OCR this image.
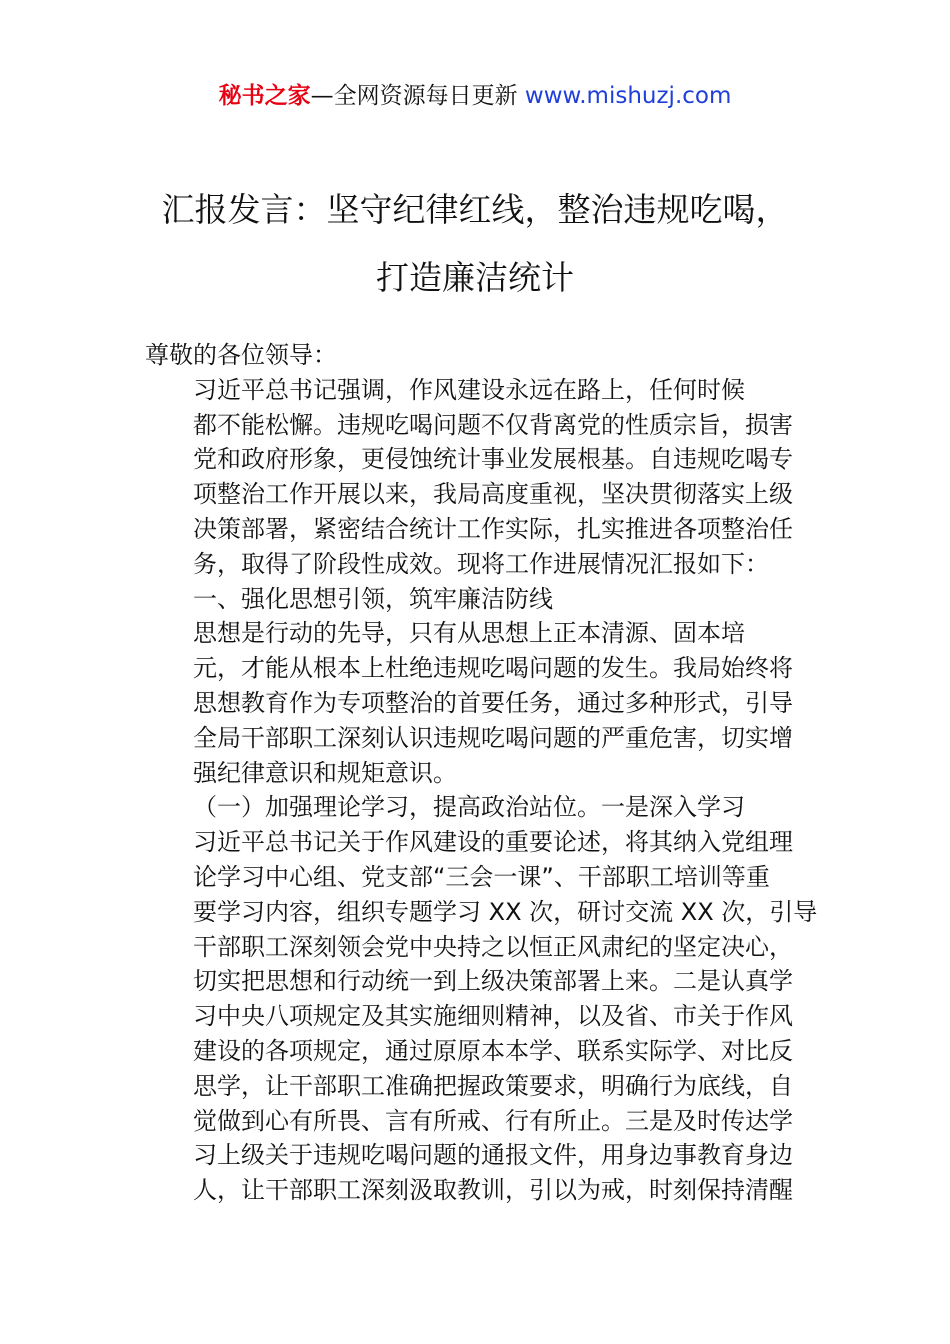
秘书之家—全网资源每日更新 www.mishuzj.com
汇报发言：坚守纪律红线，整治违规吃喝，
打造廉洁统计

尊敬的各位领导：

习近平总书记强调，作风建设永远在路上，任何时候
都不能松懈。违规吃喝问题不仅背离党的性质宗旨，损害
党和政府形象，更侵蚀统计事业发展根基。自违规吃喝专
项整治工作开展以来，我局高度重视，坚决贯彻落实上级
决策部署，紧密结合统计工作实际，扎实推进各项整治任
务，取得了阶段性成效。现将工作进展情况汇报如下：

一、强化思想引领，筑牢廉洁防线

思想是行动的先导，只有从思想上正本清源、固本培
元，才能从根本上杜绝违规吃喝问题的发生。我局始终将
思想教育作为专项整治的首要任务，通过多种形式，引导
全局干部职工深刻认识违规吃喝问题的严重危害，切实增
强纪律意识和规矩意识。

（一）加强理论学习，提高政治站位。一是深入学习
习近平总书记关于作风建设的重要论述，将其纳入党组理
论学习中心组、党支部“三会一课”、干部职工培训等重
要学习内容，组织专题学习 XX 次，研讨交流 XX 次，引导
干部职工深刻领会党中央持之以恒正风肃纪的坚定决心，
切实把思想和行动统一到上级决策部署上来。二是认真学
习中央八项规定及其实施细则精神，以及省、市关于作风
建设的各项规定，通过原原本本学、联系实际学、对比反
思学，让干部职工准确把握政策要求，明确行为底线，自
觉做到心有所畏、言有所戒、行有所止。三是及时传达学
习上级关于违规吃喝问题的通报文件，用身边事教育身边
人，让干部职工深刻汲取教训，引以为戒，时刻保持清醒
